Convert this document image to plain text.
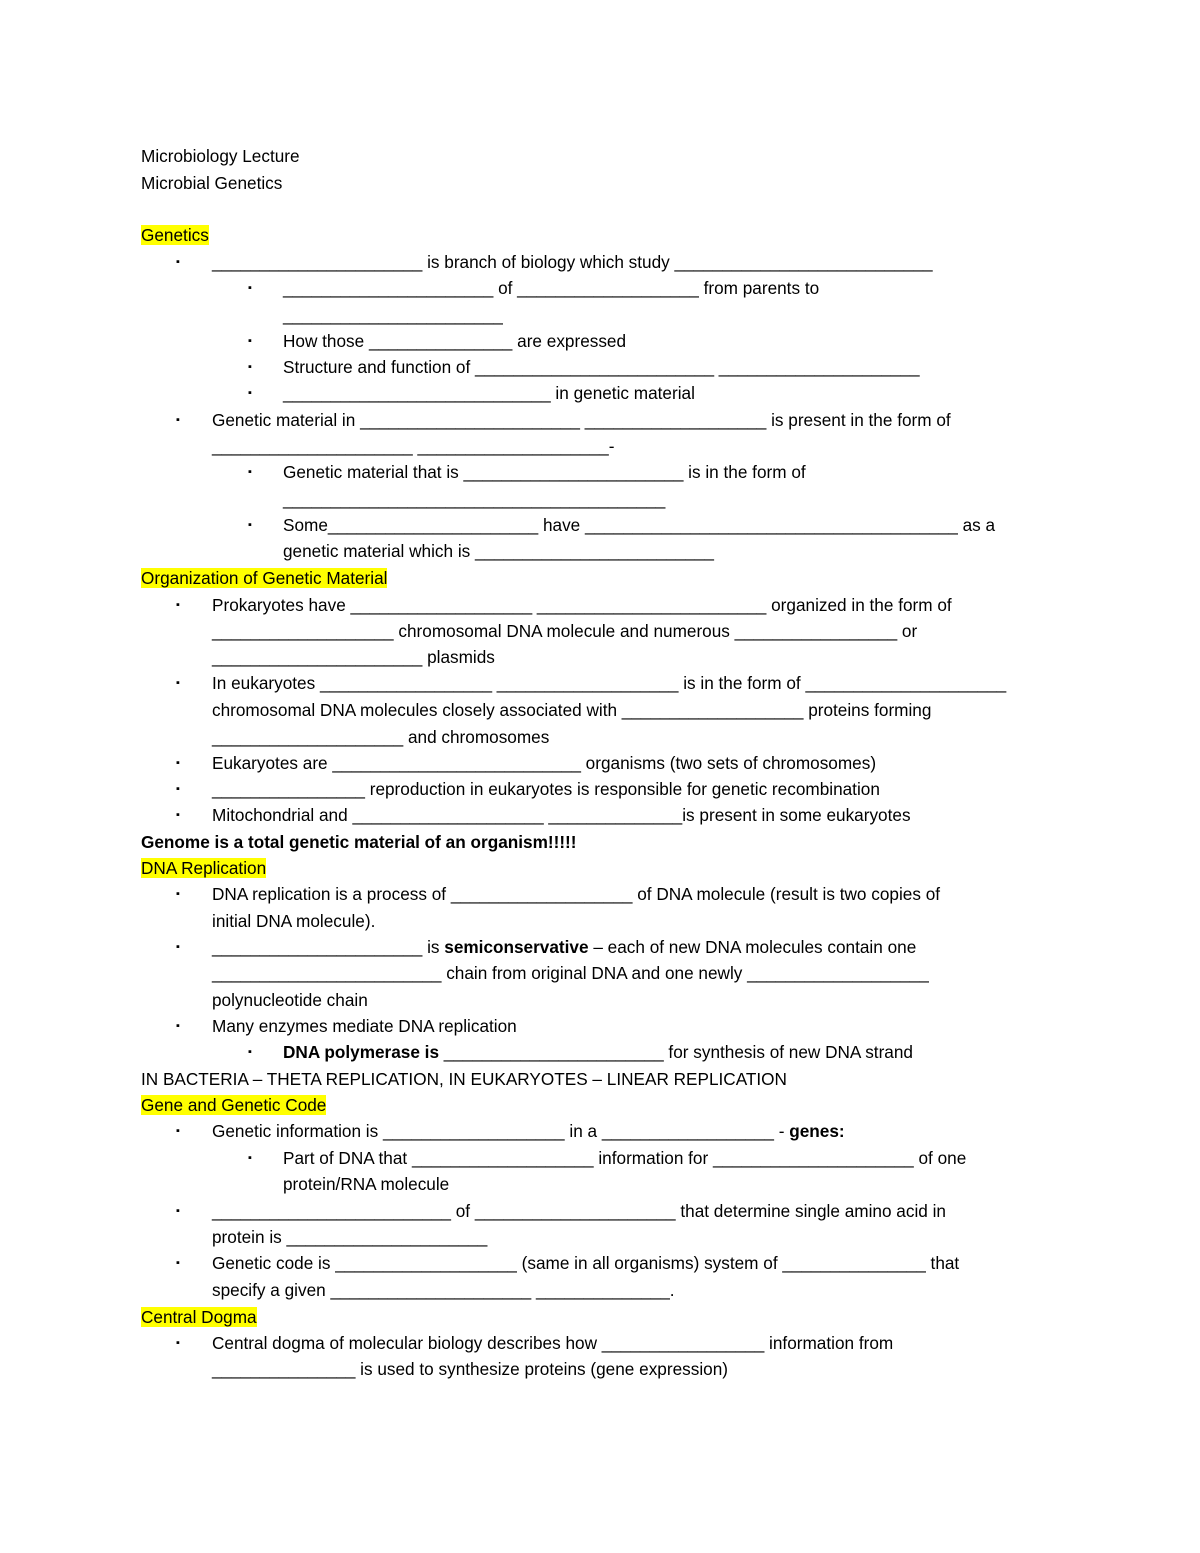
Microbiology Lecture
Microbial Genetics
Genetics
▪
______________________ is branch of biology which study ___________________________
▪
______________________ of ___________________ from parents to
_______________________
▪
How those _______________ are expressed
▪
Structure and function of _________________________ _____________________
▪
____________________________ in genetic material
▪
Genetic material in _______________________ ___________________ is present in the form of
_____________________ ____________________-
▪
Genetic material that is _______________________ is in the form of
________________________________________
▪
Some______________________ have _______________________________________ as a
genetic material which is _________________________
Organization of Genetic Material
▪
Prokaryotes have ___________________ ________________________ organized in the form of
___________________ chromosomal DNA molecule and numerous _________________ or
______________________ plasmids
▪
In eukaryotes __________________ ___________________ is in the form of _____________________
chromosomal DNA molecules closely associated with ___________________ proteins forming
____________________ and chromosomes
▪
Eukaryotes are __________________________ organisms (two sets of chromosomes)
▪
________________ reproduction in eukaryotes is responsible for genetic recombination
▪
Mitochondrial and ____________________ ______________is present in some eukaryotes
Genome is a total genetic material of an organism!!!!!
DNA Replication
▪
DNA replication is a process of ___________________ of DNA molecule (result is two copies of
initial DNA molecule).
▪
______________________ is semiconservative – each of new DNA molecules contain one
________________________ chain from original DNA and one newly ___________________
polynucleotide chain
▪
Many enzymes mediate DNA replication
▪
DNA polymerase is _______________________ for synthesis of new DNA strand
IN BACTERIA – THETA REPLICATION, IN EUKARYOTES – LINEAR REPLICATION
Gene and Genetic Code
▪
Genetic information is ___________________ in a __________________ - genes:
▪
Part of DNA that ___________________ information for _____________________ of one
protein/RNA molecule
▪
_________________________ of _____________________ that determine single amino acid in
protein is _____________________
▪
Genetic code is ___________________ (same in all organisms) system of _______________ that
specify a given _____________________ ______________.
Central Dogma
▪
Central dogma of molecular biology describes how _________________ information from
_______________ is used to synthesize proteins (gene expression)
